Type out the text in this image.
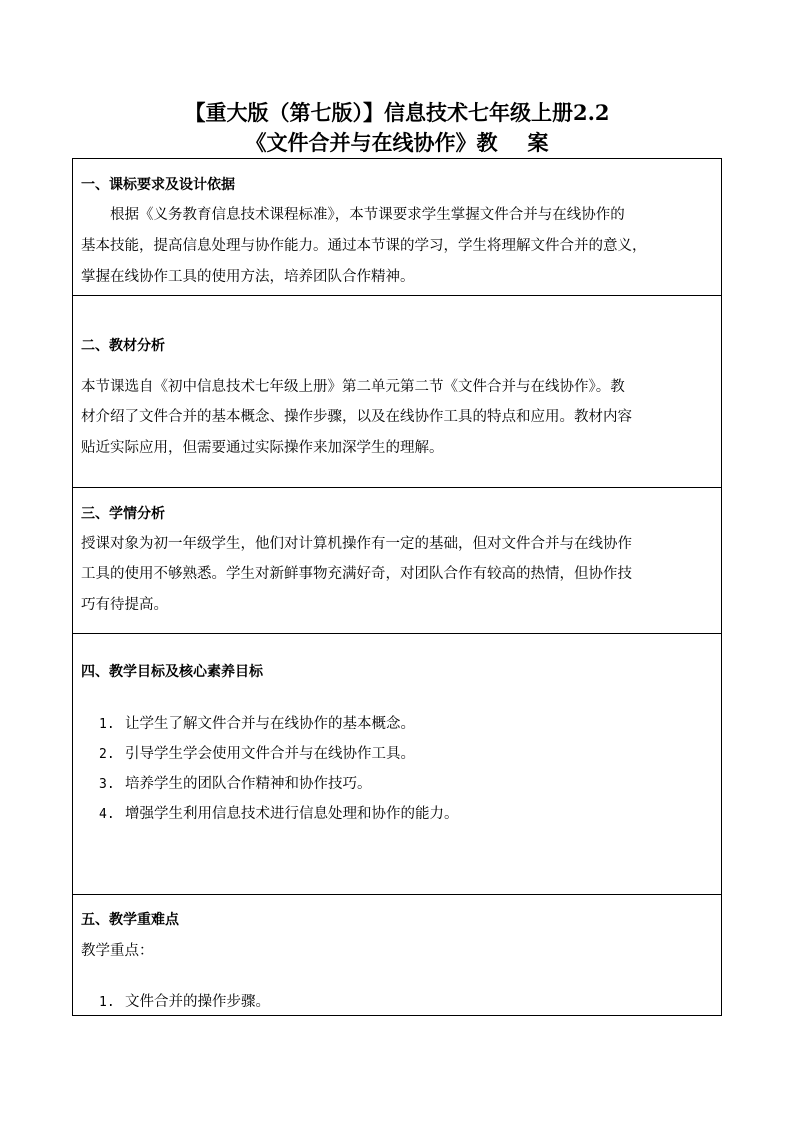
【重大版（第七版）】信息技术七年级上册2.2
《文件合并与在线协作》教 案
一、课标要求及设计依据
根据《义务教育信息技术课程标准》，本节课要求学生掌握文件合并与在线协作的
基本技能，提高信息处理与协作能力。通过本节课的学习，学生将理解文件合并的意义，
掌握在线协作工具的使用方法，培养团队合作精神。
二、教材分析
本节课选自《初中信息技术七年级上册》第二单元第二节《文件合并与在线协作》。教
材介绍了文件合并的基本概念、操作步骤，以及在线协作工具的特点和应用。教材内容
贴近实际应用，但需要通过实际操作来加深学生的理解。
三、学情分析
授课对象为初一年级学生，他们对计算机操作有一定的基础，但对文件合并与在线协作
工具的使用不够熟悉。学生对新鲜事物充满好奇，对团队合作有较高的热情，但协作技
巧有待提高。
四、教学目标及核心素养目标
1. 让学生了解文件合并与在线协作的基本概念。
2. 引导学生学会使用文件合并与在线协作工具。
3. 培养学生的团队合作精神和协作技巧。
4. 增强学生利用信息技术进行信息处理和协作的能力。
五、教学重难点
教学重点：
1. 文件合并的操作步骤。
